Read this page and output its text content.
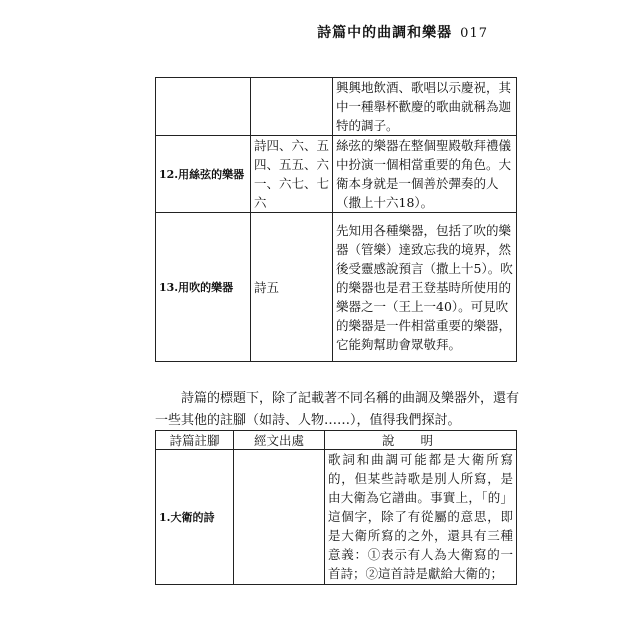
詩篇中的曲調和樂器 017
		興興地飲酒、歌唱以示慶祝，其中一種舉杯歡慶的歌曲就稱為迦特的調子。
12.用絲弦的樂器	詩四、六、五四、五五、六一、六七、七六	絲弦的樂器在整個聖殿敬拜禮儀中扮演一個相當重要的角色。大衛本身就是一個善於彈奏的人（撒上十六18）。
13.用吹的樂器	詩五	先知用各種樂器，包括了吹的樂器（管樂）達致忘我的境界，然後受靈感說預言（撒上十5）。吹的樂器也是君王登基時所使用的樂器之一（王上一40）。可見吹的樂器是一件相當重要的樂器，它能夠幫助會眾敬拜。

詩篇的標題下，除了記載著不同名稱的曲調及樂器外，還有一些其他的註腳（如詩、人物……），值得我們探討。

詩篇註腳	經文出處	說明
1.大衛的詩		歌詞和曲調可能都是大衛所寫的，但某些詩歌是別人所寫，是由大衛為它譜曲。事實上，「的」這個字，除了有從屬的意思，即是大衛所寫的之外，還具有三種意義：①表示有人為大衛寫的一首詩；②這首詩是獻給大衛的；
